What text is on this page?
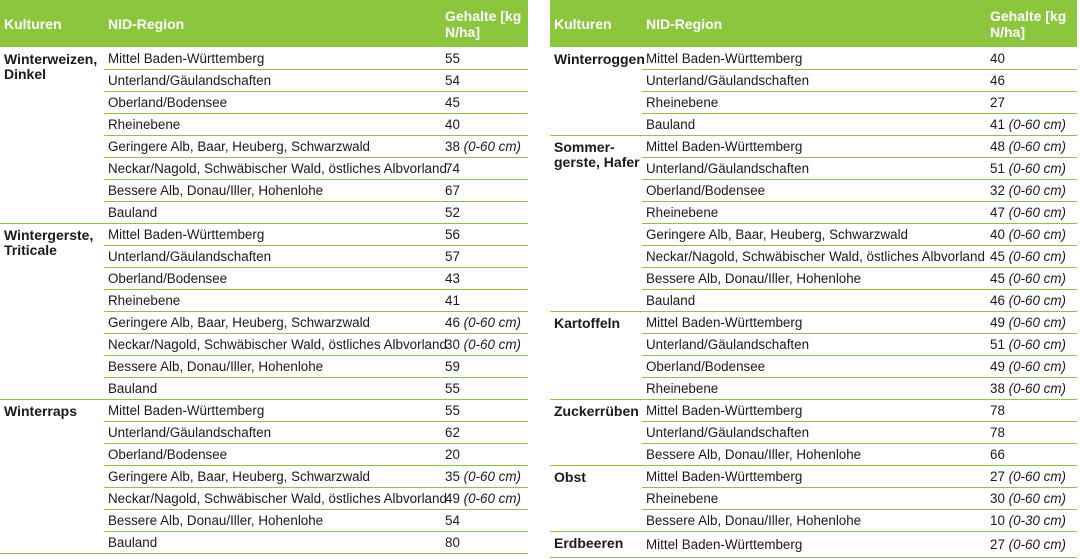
Kulturen	NID-Region	Gehalte [kg N/ha]
Winterweizen, Dinkel	Mittel Baden-Württemberg	55
	Unterland/Gäulandschaften	54
	Oberland/Bodensee	45
	Rheinebene	40
	Geringere Alb, Baar, Heuberg, Schwarzwald	38 (0-60 cm)
	Neckar/Nagold, Schwäbischer Wald, östliches Albvorland	74
	Bessere Alb, Donau/Iller, Hohenlohe	67
	Bauland	52
Wintergerste, Triticale	Mittel Baden-Württemberg	56
	Unterland/Gäulandschaften	57
	Oberland/Bodensee	43
	Rheinebene	41
	Geringere Alb, Baar, Heuberg, Schwarzwald	46 (0-60 cm)
	Neckar/Nagold, Schwäbischer Wald, östliches Albvorland	30 (0-60 cm)
	Bessere Alb, Donau/Iller, Hohenlohe	59
	Bauland	55
Winterraps	Mittel Baden-Württemberg	55
	Unterland/Gäulandschaften	62
	Oberland/Bodensee	20
	Geringere Alb, Baar, Heuberg, Schwarzwald	35 (0-60 cm)
	Neckar/Nagold, Schwäbischer Wald, östliches Albvorland	49 (0-60 cm)
	Bessere Alb, Donau/Iller, Hohenlohe	54
	Bauland	80
Kulturen	NID-Region	Gehalte [kg N/ha]
Winterroggen	Mittel Baden-Württemberg	40
	Unterland/Gäulandschaften	46
	Rheinebene	27
	Bauland	41 (0-60 cm)
Sommer-gerste, Hafer	Mittel Baden-Württemberg	48 (0-60 cm)
	Unterland/Gäulandschaften	51 (0-60 cm)
	Oberland/Bodensee	32 (0-60 cm)
	Rheinebene	47 (0-60 cm)
	Geringere Alb, Baar, Heuberg, Schwarzwald	40 (0-60 cm)
	Neckar/Nagold, Schwäbischer Wald, östliches Albvorland	45 (0-60 cm)
	Bessere Alb, Donau/Iller, Hohenlohe	45 (0-60 cm)
	Bauland	46 (0-60 cm)
Kartoffeln	Mittel Baden-Württemberg	49 (0-60 cm)
	Unterland/Gäulandschaften	51 (0-60 cm)
	Oberland/Bodensee	49 (0-60 cm)
	Rheinebene	38 (0-60 cm)
Zuckerrüben	Mittel Baden-Württemberg	78
	Unterland/Gäulandschaften	78
	Bessere Alb, Donau/Iller, Hohenlohe	66
Obst	Mittel Baden-Württemberg	27 (0-60 cm)
	Rheinebene	30 (0-60 cm)
	Bessere Alb, Donau/Iller, Hohenlohe	10 (0-30 cm)
Erdbeeren	Mittel Baden-Württemberg	27 (0-60 cm)
